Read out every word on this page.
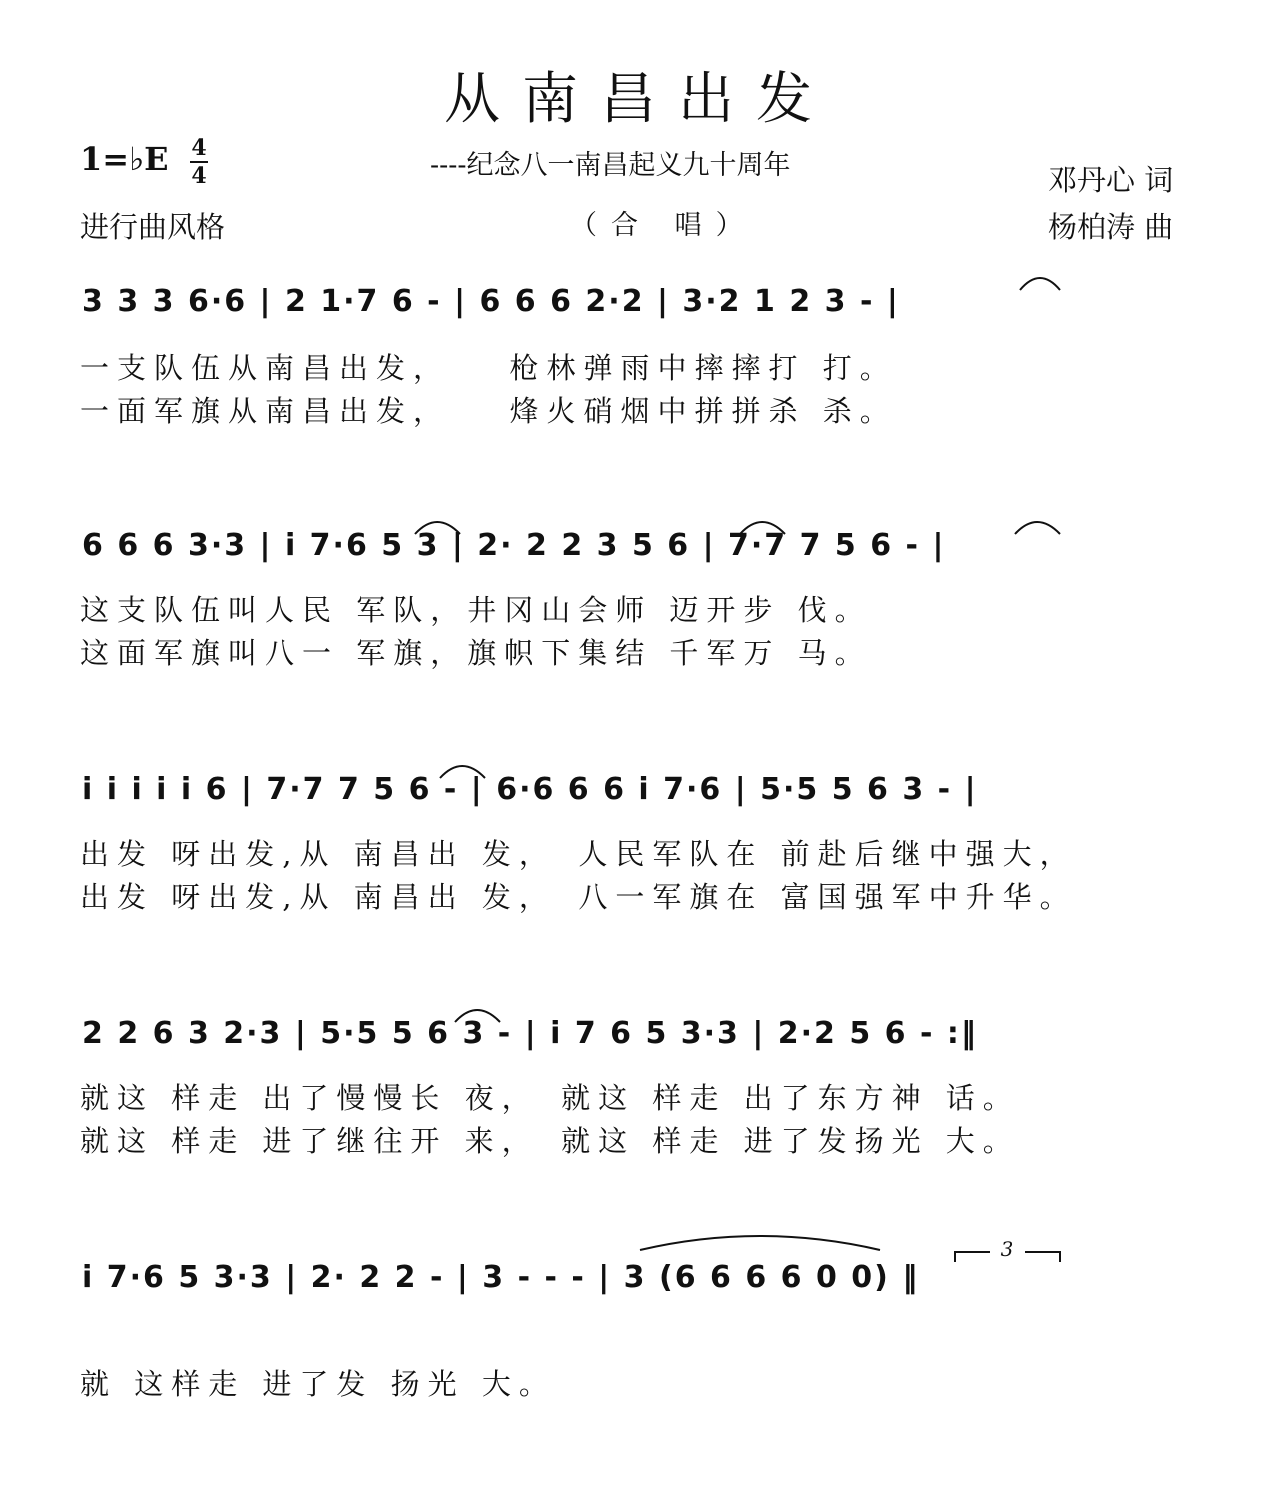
从南昌出发
1=♭E 4
4	----纪念八一南昌起义九十周年
（合 唱）
进行曲风格
邓丹心 词
杨柏涛 曲
3 3 3 6·6 | 2 1·7 6 - | 6 6 6 2·2 | 3·2 1 2 3 - |
一支队伍从南昌出发，　　枪林弹雨中摔摔打 打。
一面军旗从南昌出发，　　烽火硝烟中拼拼杀 杀。
6 6 6 3·3 | i 7·6 5 3 | 2· 2 2 3 5 6 | 7·7 7 5 6 - |
这支队伍叫人民 军队，井冈山会师 迈开步 伐。
这面军旗叫八一 军旗，旗帜下集结 千军万 马。
i i i i i 6 | 7·7 7 5 6 - | 6·6 6 6 i 7·6 | 5·5 5 6 3 - |
出发 呀出发,从 南昌出 发，　人民军队在 前赴后继中强大，
出发 呀出发,从 南昌出 发，　八一军旗在 富国强军中升华。
2 2 6 3 2·3 | 5·5 5 6 3 - | i 7 6 5 3·3 | 2·2 5 6 - :‖
就这 样走 出了慢慢长 夜，　就这 样走 出了东方神 话。
就这 样走 进了继往开 来，　就这 样走 进了发扬光 大。
i 7·6 5 3·3 | 2· 2 2 - | 3 - - - | 3 (6 6 6 6 0 0) ‖
就 这样走 进了发 扬光 大。
3
